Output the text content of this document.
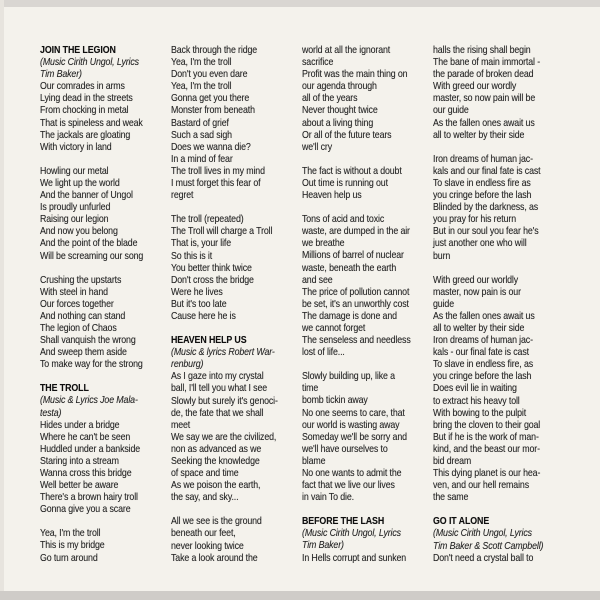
JOIN THE LEGION
(Music Cirith Ungol, Lyrics
Tim Baker)
Our comrades in arms
Lying dead in the streets
From chocking in metal
That is spineless and weak
The jackals are gloating
With victory in land
Howling our metal
We light up the world
And the banner of Ungol
Is proudly unfurled
Raising our legion
And now you belong
And the point of the blade
Will be screaming our song
Crushing the upstarts
With steel in hand
Our forces together
And nothing can stand
The legion of Chaos
Shall vanquish the wrong
And sweep them aside
To make way for the strong
THE TROLL
(Music & Lyrics Joe Mala-
testa)
Hides under a bridge
Where he can't be seen
Huddled under a bankside
Staring into a stream
Wanna cross this bridge
Well better be aware
There's a brown hairy troll
Gonna give you a scare
Yea, I'm the troll
This is my bridge
Go turn around
Back through the ridge
Yea, I'm the troll
Don't you even dare
Yea, I'm the troll
Gonna get you there
Monster from beneath
Bastard of grief
Such a sad sigh
Does we wanna die?
In a mind of fear
The troll lives in my mind
I must forget this fear of
regret
The troll (repeated)
The Troll will charge a Troll
That is, your life
So this is it
You better think twice
Don't cross the bridge
Were he lives
But it's too late
Cause here he is
HEAVEN HELP US
(Music & lyrics Robert War-
renburg)
As I gaze into my crystal
ball, I'll tell you what I see
Slowly but surely it's genoci-
de, the fate that we shall
meet
We say we are the civilized,
non as advanced as we
Seeking the knowledge
of space and time
As we poison the earth,
the say, and sky...
All we see is the ground
beneath our feet,
never looking twice
Take a look around the
world at all the ignorant
sacrifice
Profit was the main thing on
our agenda through
all of the years
Never thought twice
about a living thing
Or all of the future tears
we'll cry
The fact is without a doubt
Out time is running out
Heaven help us
Tons of acid and toxic
waste, are dumped in the air
we breathe
Millions of barrel of nuclear
waste, beneath the earth
and see
The price of pollution cannot
be set, it's an unworthly cost
The damage is done and
we cannot forget
The senseless and needless
lost of life...
Slowly building up, like a
time
bomb tickin away
No one seems to care, that
our world is wasting away
Someday we'll be sorry and
we'll have ourselves to
blame
No one wants to admit the
fact that we live our lives
in vain To die.
BEFORE THE LASH
(Music Cirith Ungol, Lyrics
Tim Baker)
In Hells corrupt and sunken
halls the rising shall begin
The bane of main immortal -
the parade of broken dead
With greed our wordly
master, so now pain will be
our guide
As the fallen ones await us
all to welter by their side
Iron dreams of human jac-
kals and our final fate is cast
To slave in endless fire as
you cringe before the lash
Blinded by the darkness, as
you pray for his return
But in our soul you fear he's
just another one who will
burn
With greed our worldly
master, now pain is our
guide
As the fallen ones await us
all to welter by their side
Iron dreams of human jac-
kals - our final fate is cast
To slave in endless fire, as
you cringe before the lash
Does evil lie in waiting
to extract his heavy toll
With bowing to the pulpit
bring the cloven to their goal
But if he is the work of man-
kind, and the beast our mor-
bid dream
This dying planet is our hea-
ven, and our hell remains
the same
GO IT ALONE
(Music Cirith Ungol, Lyrics
Tim Baker & Scott Campbell)
Don't need a crystal ball to
